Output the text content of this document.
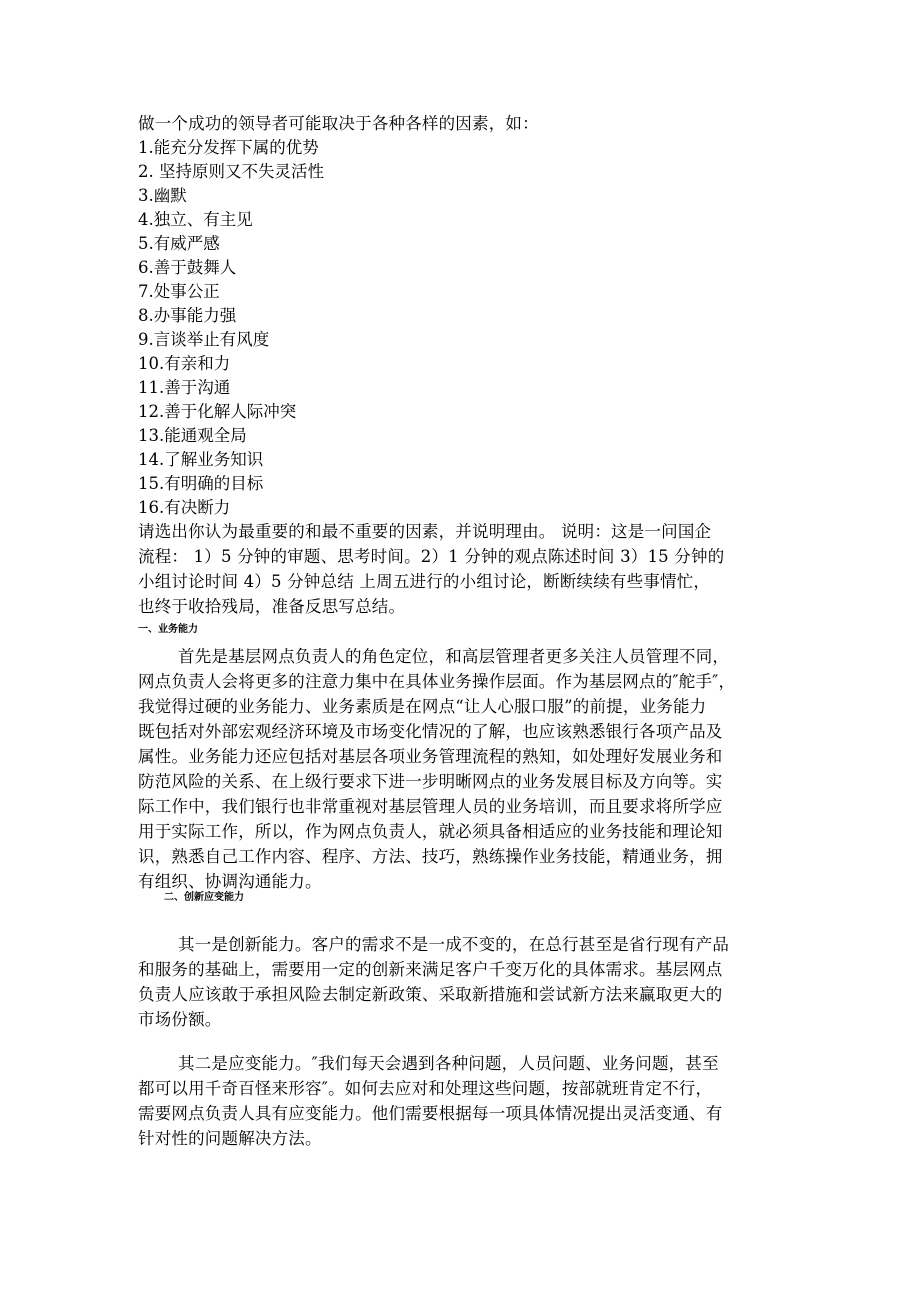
做一个成功的领导者可能取决于各种各样的因素，如：
1.能充分发挥下属的优势
2. 坚持原则又不失灵活性
3.幽默
4.独立、有主见
5.有威严感
6.善于鼓舞人
7.处事公正
8.办事能力强
9.言谈举止有风度
10.有亲和力
11.善于沟通
12.善于化解人际冲突
13.能通观全局
14.了解业务知识
15.有明确的目标
16.有决断力
请选出你认为最重要的和最不重要的因素，并说明理由。 说明：这是一问国企
流程： 1）5 分钟的审题、思考时间。2）1 分钟的观点陈述时间 3）15 分钟的
小组讨论时间 4）5 分钟总结 上周五进行的小组讨论，断断续续有些事情忙，
也终于收拾残局，准备反思写总结。
一、业务能力
首先是基层网点负责人的角色定位，和高层管理者更多关注人员管理不同，
网点负责人会将更多的注意力集中在具体业务操作层面。作为基层网点的″舵手″，
我觉得过硬的业务能力、业务素质是在网点“让人心服口服”的前提，业务能力
既包括对外部宏观经济环境及市场变化情况的了解，也应该熟悉银行各项产品及
属性。业务能力还应包括对基层各项业务管理流程的熟知，如处理好发展业务和
防范风险的关系、在上级行要求下进一步明晰网点的业务发展目标及方向等。实
际工作中，我们银行也非常重视对基层管理人员的业务培训，而且要求将所学应
用于实际工作，所以，作为网点负责人，就必须具备相适应的业务技能和理论知
识，熟悉自己工作内容、程序、方法、技巧，熟练操作业务技能，精通业务，拥
有组织、协调沟通能力。
二、创新应变能力
其一是创新能力。客户的需求不是一成不变的，在总行甚至是省行现有产品
和服务的基础上，需要用一定的创新来满足客户千变万化的具体需求。基层网点
负责人应该敢于承担风险去制定新政策、采取新措施和尝试新方法来赢取更大的
市场份额。
其二是应变能力。″我们每天会遇到各种问题，人员问题、业务问题，甚至
都可以用千奇百怪来形容″。如何去应对和处理这些问题，按部就班肯定不行，
需要网点负责人具有应变能力。他们需要根据每一项具体情况提出灵活变通、有
针对性的问题解决方法。
